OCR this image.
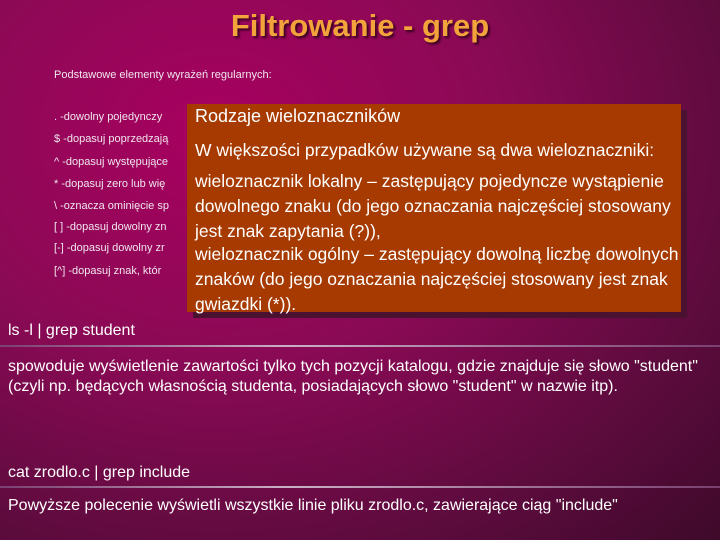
Filtrowanie - grep
Podstawowe elementy wyrażeń regularnych:
. -dowolny pojedynczy
$ -dopasuj poprzedzają
^ -dopasuj występujące
* -dopasuj zero lub wię
\ -oznacza ominięcie sp
[ ] -dopasuj dowolny zn
[-] -dopasuj dowolny zr
[^] -dopasuj znak, któr
Rodzaje wieloznaczników
W większości przypadków używane są dwa wieloznaczniki:
wieloznacznik lokalny – zastępujący pojedyncze wystąpienie dowolnego znaku (do jego oznaczania najczęściej stosowany jest znak zapytania (?)),
wieloznacznik ogólny – zastępujący dowolną liczbę dowolnych znaków (do jego oznaczania najczęściej stosowany jest znak gwiazdki (*)).
ls -l | grep student
spowoduje wyświetlenie zawartości tylko tych pozycji katalogu, gdzie znajduje się słowo "student" (czyli np. będących własnością studenta, posiadających słowo "student" w nazwie itp).
cat zrodlo.c | grep include
Powyższe polecenie wyświetli wszystkie linie pliku zrodlo.c, zawierające ciąg "include"
